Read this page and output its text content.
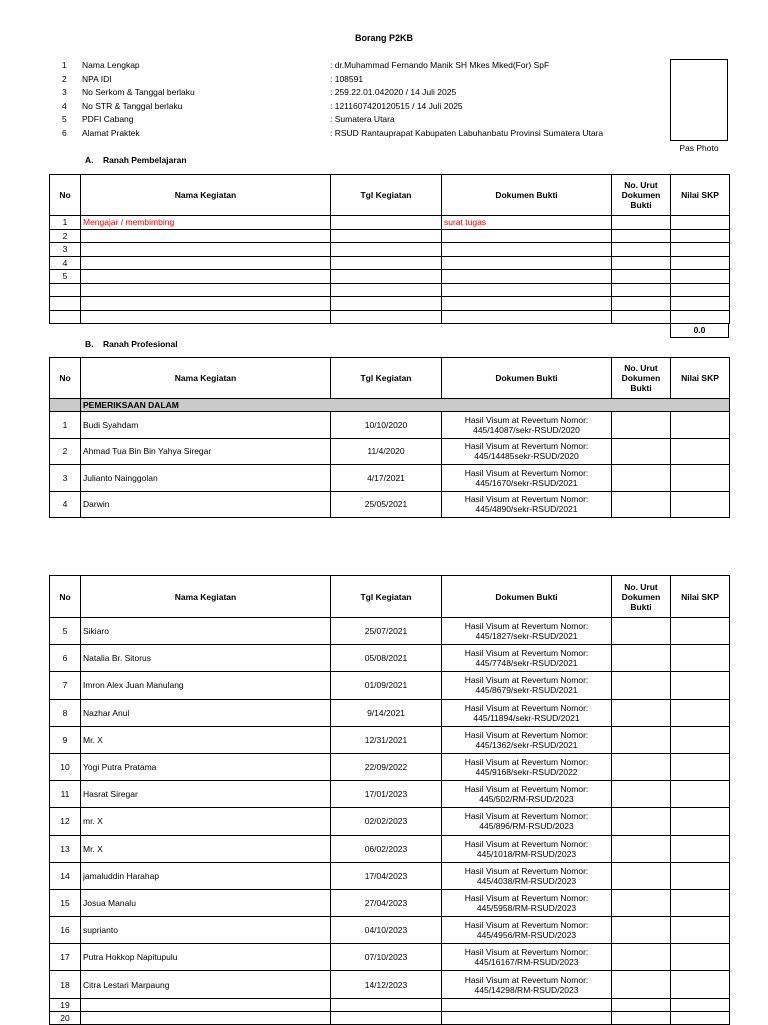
Borang P2KB
1 Nama Lengkap	: dr.Muhammad Fernando Manik SH Mkes Mked(For) SpF
2 NPA IDI	: 108591
3 No Serkom & Tanggal berlaku	: 259.22.01.042020 / 14 Juli 2025
4 No STR & Tanggal berlaku	: 1211607420120515 / 14 Juli 2025
5 PDFI Cabang	: Sumatera Utara
6 Alamat Praktek	: RSUD Rantauprapat Kabupaten Labuhanbatu Provinsi Sumatera Utara
Pas Photo
A.    Ranah Pembelajaran
No	Nama Kegiatan	Tgl Kegiatan	Dokumen Bukti	No. Urut Dokumen Bukti	Nilai SKP
1	Mengajar / membimbing		surat tugas		
2					
3					
4					
5					

0.0
B.    Ranah Profesional
No	Nama Kegiatan	Tgl Kegiatan	Dokumen Bukti	No. Urut Dokumen Bukti	Nilai SKP
	PEMERIKSAAN DALAM				
1	Budi Syahdam	10/10/2020	Hasil Visum at Revertum Nomor:
445/14087/sekr-RSUD/2020		

2	Ahmad Tua Bin Bin Yahya Siregar	11/4/2020	Hasil Visum at Revertum Nomor:
445/14485sekr-RSUD/2020		

3	Julianto Nainggolan	4/17/2021	Hasil Visum at Revertum Nomor:
445/1670/sekr-RSUD/2021		

4	Darwin	25/05/2021	Hasil Visum at Revertum Nomor:
445/4890/sekr-RSUD/2021		

No	Nama Kegiatan	Tgl Kegiatan	Dokumen Bukti	No. Urut Dokumen Bukti	Nilai SKP
5	Sikiaro	25/07/2021	Hasil Visum at Revertum Nomor:
445/1827/sekr-RSUD/2021		

6	Natalia Br. Sitorus	05/08/2021	Hasil Visum at Revertum Nomor:
445/7748/sekr-RSUD/2021		

7	Imron Alex Juan Manulang	01/09/2021	Hasil Visum at Revertum Nomor:
445/8679/sekr-RSUD/2021		

8	Nazhar Anul	9/14/2021	Hasil Visum at Revertum Nomor:
445/11894/sekr-RSUD/2021		

9	Mr. X	12/31/2021	Hasil Visum at Revertum Nomor:
445/1362/sekr-RSUD/2021		

10	Yogi Putra Pratama	22/09/2022	Hasil Visum at Revertum Nomor:
445/9168/sekr-RSUD/2022		

11	Hasrat Siregar	17/01/2023	Hasil Visum at Revertum Nomor:
445/502/RM-RSUD/2023		

12	mr. X	02/02/2023	Hasil Visum at Revertum Nomor:
445/896/RM-RSUD/2023		

13	Mr. X	06/02/2023	Hasil Visum at Revertum Nomor:
445/1018/RM-RSUD/2023		

14	jamaluddin Harahap	17/04/2023	Hasil Visum at Revertum Nomor:
445/4038/RM-RSUD/2023		

15	Josua Manalu	27/04/2023	Hasil Visum at Revertum Nomor:
445/5958/RM-RSUD/2023		

16	suprianto	04/10/2023	Hasil Visum at Revertum Nomor:
445/4956/RM-RSUD/2023		

17	Putra Hokkop Napitupulu	07/10/2023	Hasil Visum at Revertum Nomor:
445/16167/RM-RSUD/2023		

18	Citra Lestari Marpaung	14/12/2023	Hasil Visum at Revertum Nomor:
445/14298/RM-RSUD/2023		

19			

20			
